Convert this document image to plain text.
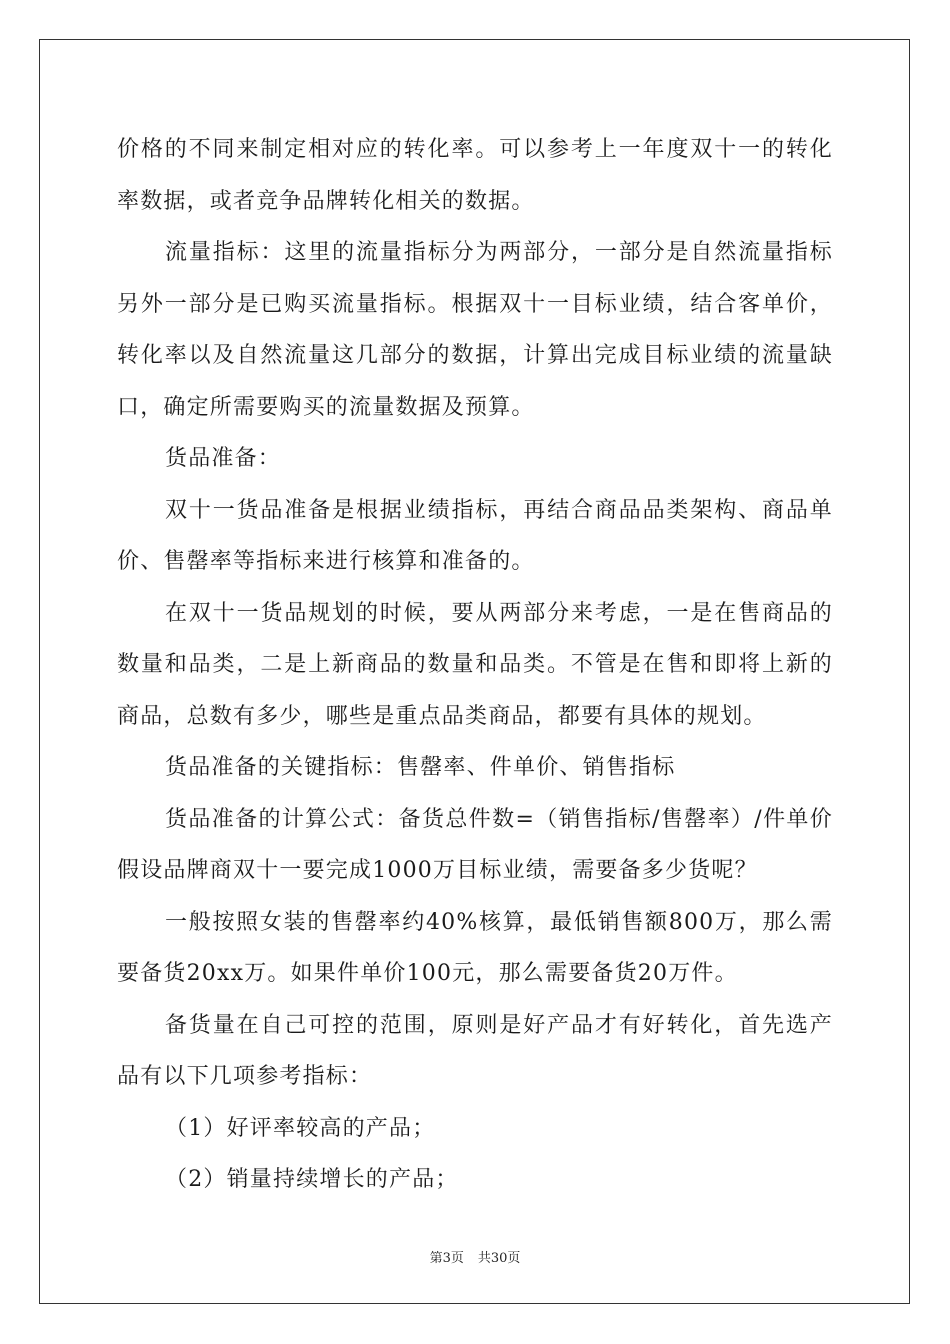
价格的不同来制定相对应的转化率。可以参考上一年度双十一的转化率数据，或者竞争品牌转化相关的数据。

流量指标：这里的流量指标分为两部分，一部分是自然流量指标另外一部分是已购买流量指标。根据双十一目标业绩，结合客单价，转化率以及自然流量这几部分的数据，计算出完成目标业绩的流量缺口，确定所需要购买的流量数据及预算。

货品准备：

双十一货品准备是根据业绩指标，再结合商品品类架构、商品单价、售罄率等指标来进行核算和准备的。

在双十一货品规划的时候，要从两部分来考虑，一是在售商品的数量和品类，二是上新商品的数量和品类。不管是在售和即将上新的商品，总数有多少，哪些是重点品类商品，都要有具体的规划。

货品准备的关键指标：售罄率、件单价、销售指标

货品准备的计算公式：备货总件数=（销售指标/售罄率）/件单价假设品牌商双十一要完成1000万目标业绩，需要备多少货呢？

一般按照女装的售罄率约40%核算，最低销售额800万，那么需要备货20xx万。如果件单价100元，那么需要备货20万件。

备货量在自己可控的范围，原则是好产品才有好转化，首先选产品有以下几项参考指标：

（1）好评率较高的产品；

（2）销量持续增长的产品；

第3页 共30页
